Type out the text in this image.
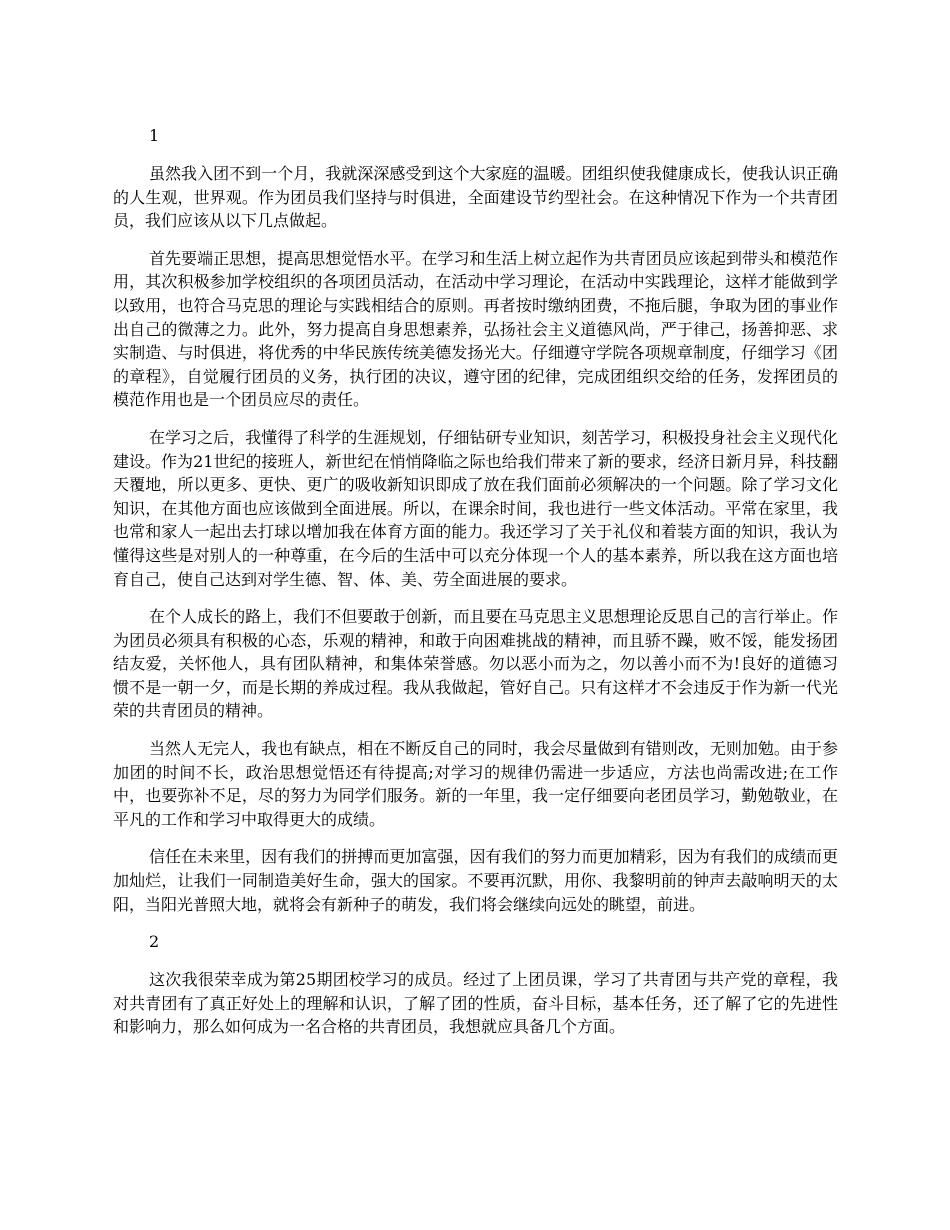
1

虽然我入团不到一个月，我就深深感受到这个大家庭的温暖。团组织使我健康成长，使我认识正确的人生观，世界观。作为团员我们坚持与时俱进，全面建设节约型社会。在这种情况下作为一个共青团员，我们应该从以下几点做起。

首先要端正思想，提高思想觉悟水平。在学习和生活上树立起作为共青团员应该起到带头和模范作用，其次积极参加学校组织的各项团员活动，在活动中学习理论，在活动中实践理论，这样才能做到学以致用，也符合马克思的理论与实践相结合的原则。再者按时缴纳团费，不拖后腿，争取为团的事业作出自己的微薄之力。此外，努力提高自身思想素养，弘扬社会主义道德风尚，严于律己，扬善抑恶、求实制造、与时俱进，将优秀的中华民族传统美德发扬光大。仔细遵守学院各项规章制度，仔细学习《团的章程》，自觉履行团员的义务，执行团的决议，遵守团的纪律，完成团组织交给的任务，发挥团员的模范作用也是一个团员应尽的责任。

在学习之后，我懂得了科学的生涯规划，仔细钻研专业知识，刻苦学习，积极投身社会主义现代化建设。作为21世纪的接班人，新世纪在悄悄降临之际也给我们带来了新的要求，经济日新月异，科技翻天覆地，所以更多、更快、更广的吸收新知识即成了放在我们面前必须解决的一个问题。除了学习文化知识，在其他方面也应该做到全面进展。所以，在课余时间，我也进行一些文体活动。平常在家里，我也常和家人一起出去打球以增加我在体育方面的能力。我还学习了关于礼仪和着装方面的知识，我认为懂得这些是对别人的一种尊重，在今后的生活中可以充分体现一个人的基本素养，所以我在这方面也培育自己，使自己达到对学生德、智、体、美、劳全面进展的要求。

在个人成长的路上，我们不但要敢于创新，而且要在马克思主义思想理论反思自己的言行举止。作为团员必须具有积极的心态，乐观的精神，和敢于向困难挑战的精神，而且骄不躁，败不馁，能发扬团结友爱，关怀他人，具有团队精神，和集体荣誉感。勿以恶小而为之，勿以善小而不为!良好的道德习惯不是一朝一夕，而是长期的养成过程。我从我做起，管好自己。只有这样才不会违反于作为新一代光荣的共青团员的精神。

当然人无完人，我也有缺点，相在不断反自己的同时，我会尽量做到有错则改，无则加勉。由于参加团的时间不长，政治思想觉悟还有待提高;对学习的规律仍需进一步适应，方法也尚需改进;在工作中，也要弥补不足，尽的努力为同学们服务。新的一年里，我一定仔细要向老团员学习，勤勉敬业，在平凡的工作和学习中取得更大的成绩。

信任在未来里，因有我们的拼搏而更加富强，因有我们的努力而更加精彩，因为有我们的成绩而更加灿烂，让我们一同制造美好生命，强大的国家。不要再沉默，用你、我黎明前的钟声去敲响明天的太阳，当阳光普照大地，就将会有新种子的萌发，我们将会继续向远处的眺望，前进。

2

这次我很荣幸成为第25期团校学习的成员。经过了上团员课，学习了共青团与共产党的章程，我对共青团有了真正好处上的理解和认识，了解了团的性质，奋斗目标，基本任务，还了解了它的先进性和影响力，那么如何成为一名合格的共青团员，我想就应具备几个方面。
